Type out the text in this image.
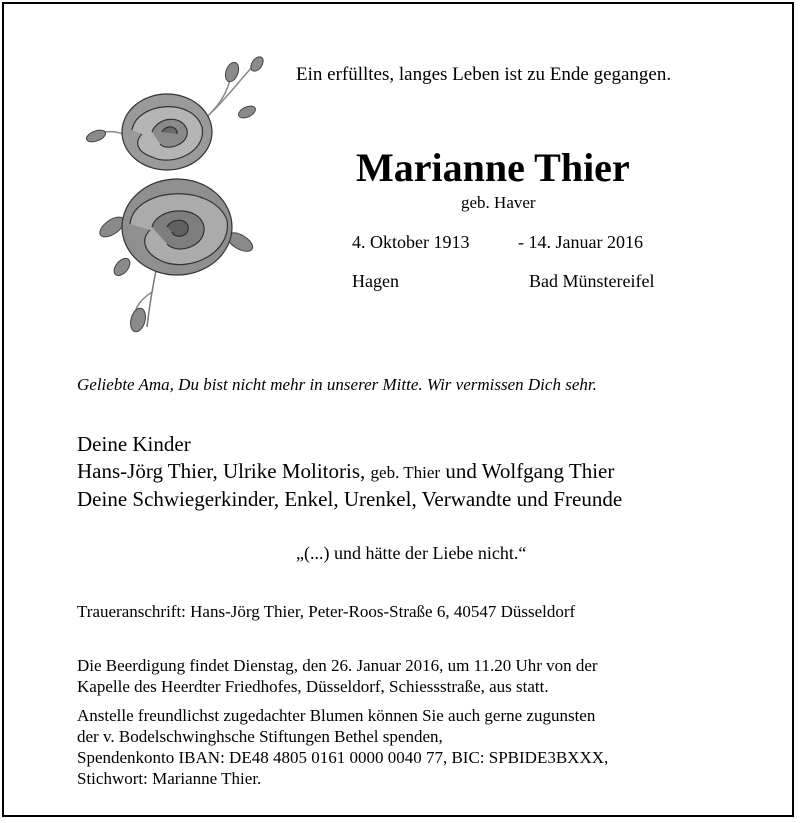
Ein erfülltes, langes Leben ist zu Ende gegangen.
Marianne Thier
geb. Haver
4. Oktober 1913	- 14. Januar 2016
Hagen	Bad Münstereifel
Geliebte Ama, Du bist nicht mehr in unserer Mitte. Wir vermissen Dich sehr.
Deine Kinder
Hans-Jörg Thier, Ulrike Molitoris, geb. Thier und Wolfgang Thier
Deine Schwiegerkinder, Enkel, Urenkel, Verwandte und Freunde
„(...) und hätte der Liebe nicht.“
Traueranschrift: Hans-Jörg Thier, Peter-Roos-Straße 6, 40547 Düsseldorf
Die Beerdigung findet Dienstag, den 26. Januar 2016, um 11.20 Uhr von der
Kapelle des Heerdter Friedhofes, Düsseldorf, Schiessstraße, aus statt.
Anstelle freundlichst zugedachter Blumen können Sie auch gerne zugunsten
der v. Bodelschwinghsche Stiftungen Bethel spenden,
Spendenkonto IBAN: DE48 4805 0161 0000 0040 77, BIC: SPBIDE3BXXX,
Stichwort: Marianne Thier.
